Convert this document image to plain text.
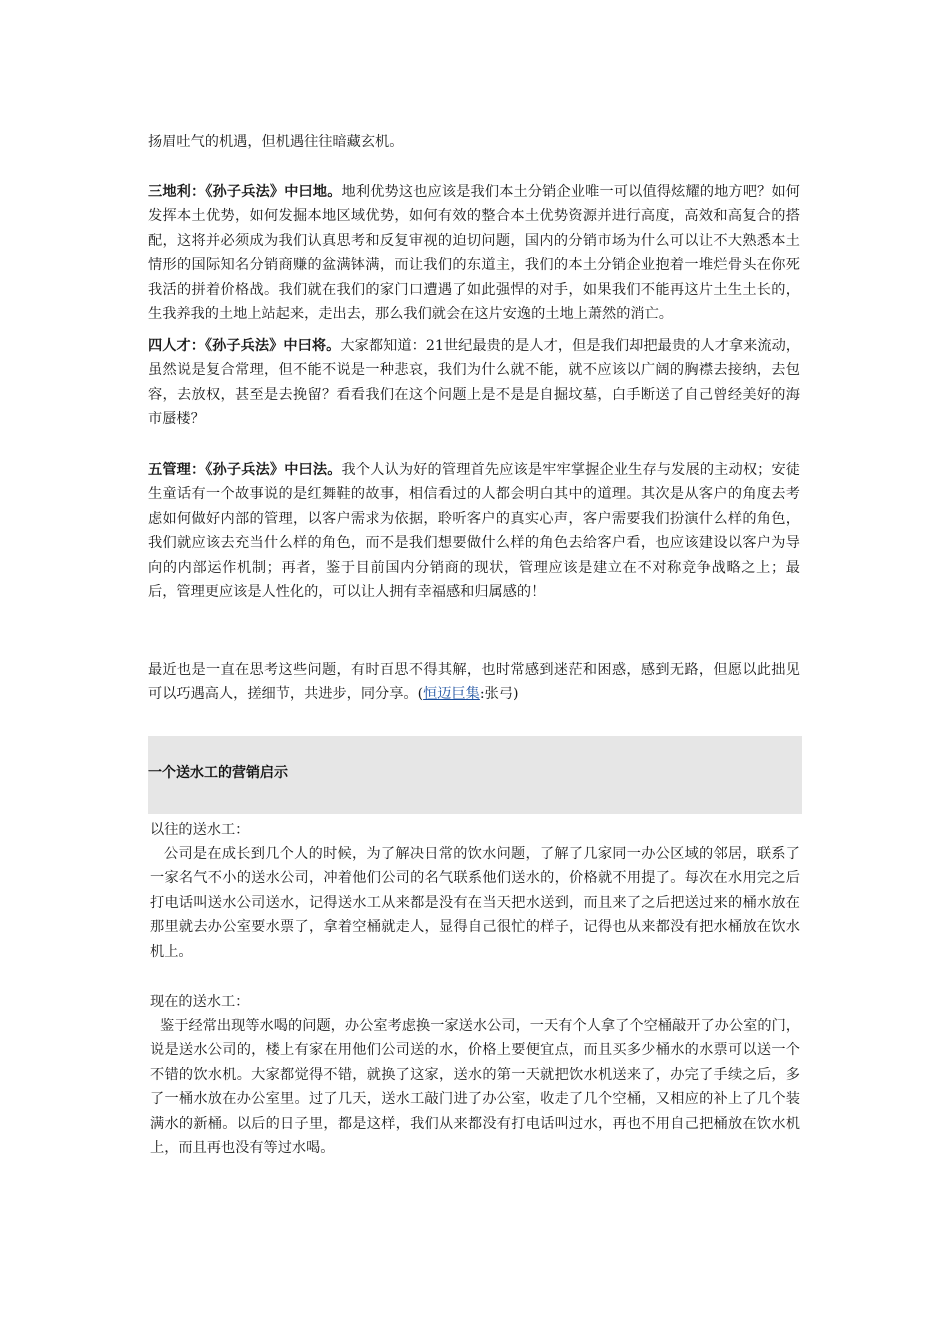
扬眉吐气的机遇，但机遇往往暗藏玄机。

三地利：《孙子兵法》中曰地。地利优势这也应该是我们本土分销企业唯一可以值得炫耀的地方吧？如何发挥本土优势，如何发掘本地区域优势，如何有效的整合本土优势资源并进行高度，高效和高复合的搭配，这将并必须成为我们认真思考和反复审视的迫切问题，国内的分销市场为什么可以让不大熟悉本土情形的国际知名分销商赚的盆满钵满，而让我们的东道主，我们的本土分销企业抱着一堆烂骨头在你死我活的拼着价格战。我们就在我们的家门口遭遇了如此强悍的对手，如果我们不能再这片土生土长的，生我养我的土地上站起来，走出去，那么我们就会在这片安逸的土地上萧然的消亡。

四人才：《孙子兵法》中曰将。大家都知道：21世纪最贵的是人才，但是我们却把最贵的人才拿来流动，虽然说是复合常理，但不能不说是一种悲哀，我们为什么就不能，就不应该以广阔的胸襟去接纳，去包容，去放权，甚至是去挽留？看看我们在这个问题上是不是是自掘坟墓，白手断送了自己曾经美好的海市蜃楼？

五管理：《孙子兵法》中曰法。我个人认为好的管理首先应该是牢牢掌握企业生存与发展的主动权；安徒生童话有一个故事说的是红舞鞋的故事，相信看过的人都会明白其中的道理。其次是从客户的角度去考虑如何做好内部的管理，以客户需求为依据，聆听客户的真实心声，客户需要我们扮演什么样的角色，我们就应该去充当什么样的角色，而不是我们想要做什么样的角色去给客户看，也应该建设以客户为导向的内部运作机制；再者，鉴于目前国内分销商的现状，管理应该是建立在不对称竞争战略之上；最后，管理更应该是人性化的，可以让人拥有幸福感和归属感的！

最近也是一直在思考这些问题，有时百思不得其解，也时常感到迷茫和困惑，感到无路，但愿以此拙见可以巧遇高人，搓细节，共进步，同分享。(恒迈巨集:张弓)

一个送水工的营销启示

以往的送水工：

公司是在成长到几个人的时候，为了解决日常的饮水问题，了解了几家同一办公区域的邻居，联系了一家名气不小的送水公司，冲着他们公司的名气联系他们送水的，价格就不用提了。每次在水用完之后打电话叫送水公司送水，记得送水工从来都是没有在当天把水送到，而且来了之后把送过来的桶水放在那里就去办公室要水票了，拿着空桶就走人，显得自己很忙的样子，记得也从来都没有把水桶放在饮水机上。

现在的送水工：

鉴于经常出现等水喝的问题，办公室考虑换一家送水公司，一天有个人拿了个空桶敲开了办公室的门，说是送水公司的，楼上有家在用他们公司送的水，价格上要便宜点，而且买多少桶水的水票可以送一个不错的饮水机。大家都觉得不错，就换了这家，送水的第一天就把饮水机送来了，办完了手续之后，多了一桶水放在办公室里。过了几天，送水工敲门进了办公室，收走了几个空桶，又相应的补上了几个装满水的新桶。以后的日子里，都是这样，我们从来都没有打电话叫过水，再也不用自己把桶放在饮水机上，而且再也没有等过水喝。
